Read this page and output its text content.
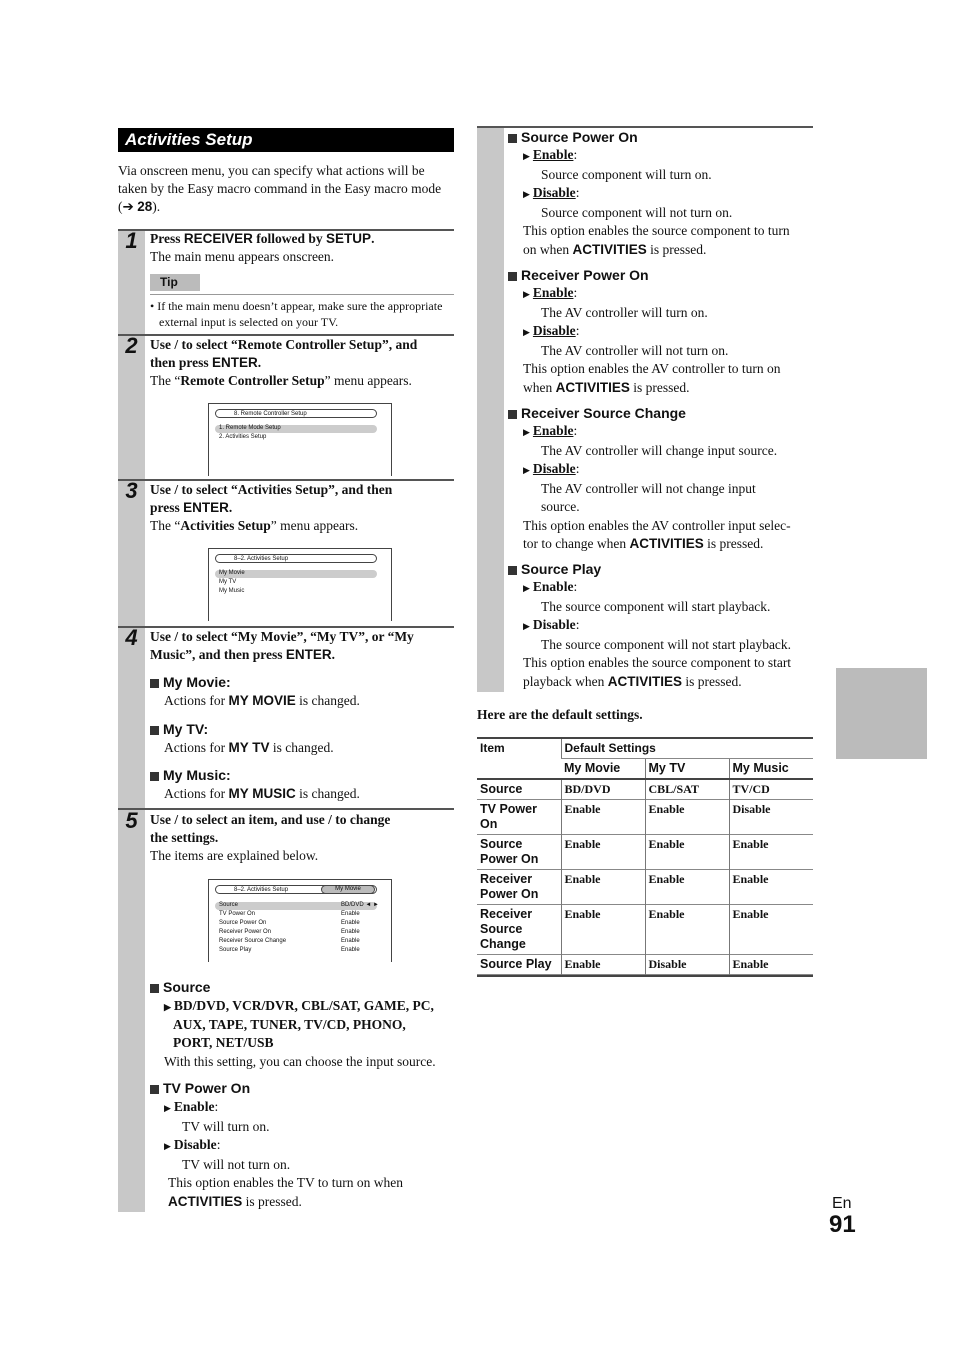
Activities Setup
Via onscreen menu, you can specify what actions will be taken by the Easy macro command in the Easy macro mode (➔ 28).
1 Press RECEIVER followed by SETUP.

The main menu appears onscreen.

Tip
• If the main menu doesn’t appear, make sure the appropriate external input is selected on your TV.
2 Use / to select “Remote Controller Setup”, and

then press ENTER.

The “Remote Controller Setup” menu appears.

8. Remote Controller Setup
1. Remote Mode Setup
2. Activities Setup
3 Use / to select “Activities Setup”, and then

press ENTER.

The “Activities Setup” menu appears.

8–2. Activities Setup
My Movie
My TV
My Music
4 Use / to select “My Movie”, “My TV”, or “My

Music”, and then press ENTER.

My Movie:
Actions for MY MOVIE is changed.
My TV:
Actions for MY TV is changed.
My Music:
Actions for MY MUSIC is changed.
5 Use / to select an item, and use / to change

the settings.

The items are explained below.

8–2. Activities Setup	My Movie
Source	BD/DVD ◄ ►
TV Power On	Enable
Source Power On	Enable
Receiver Power On	Enable
Receiver Source Change	Enable
Source Play	Enable
Source
▶ BD/DVD, VCR/DVR, CBL/SAT, GAME, PC,
AUX, TAPE, TUNER, TV/CD, PHONO,
PORT, NET/USB
With this setting, you can choose the input source.
TV Power On
▶ Enable:
TV will turn on.
▶ Disable:
TV will not turn on.
This option enables the TV to turn on when
ACTIVITIES is pressed.
Source Power On
▶ Enable:
Source component will turn on.
▶ Disable:
Source component will not turn on.
This option enables the source component to turn
on when ACTIVITIES is pressed.
Receiver Power On
▶ Enable:
The AV controller will turn on.
▶ Disable:
The AV controller will not turn on.
This option enables the AV controller to turn on
when ACTIVITIES is pressed.
Receiver Source Change
▶ Enable:
The AV controller will change input source.
▶ Disable:
The AV controller will not change input
source.
This option enables the AV controller input selec-
tor to change when ACTIVITIES is pressed.
Source Play
▶ Enable:
The source component will start playback.
▶ Disable:
The source component will not start playback.
This option enables the source component to start
playback when ACTIVITIES is pressed.
Here are the default settings.
Item	Default Settings		
	My Movie	My TV	My Music
Source	BD/DVD	CBL/SAT	TV/CD
TV Power On	Enable	Enable	Disable
Source Power On	Enable	Enable	Enable
Receiver Power On	Enable	Enable	Enable
Receiver Source Change	Enable	Enable	Enable
Source Play	Enable	Disable	Enable
En
91
